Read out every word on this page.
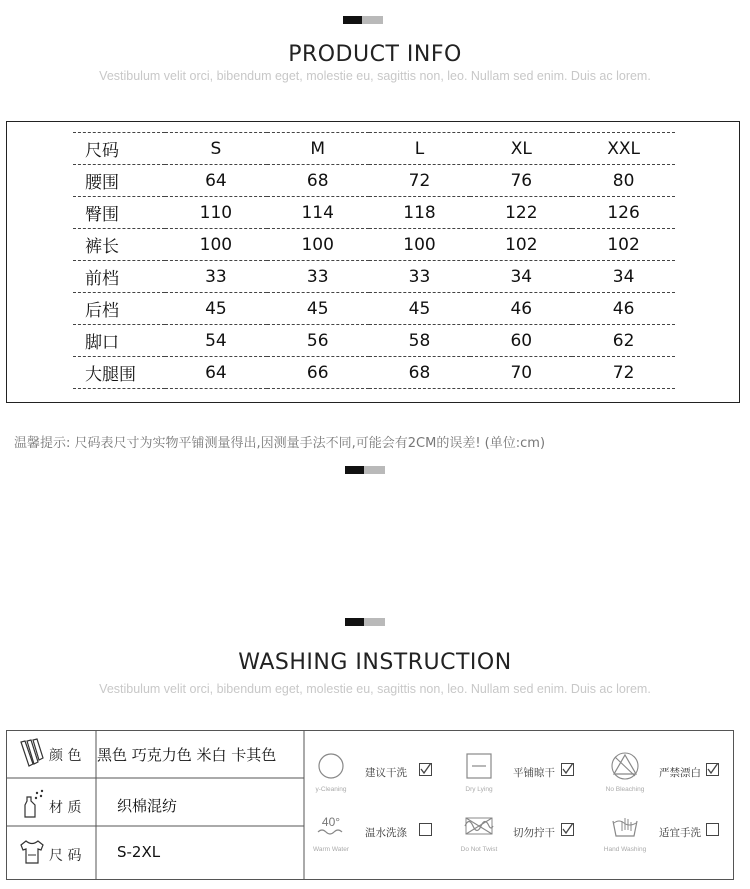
PRODUCT INFO
Vestibulum velit orci, bibendum eget, molestie eu, sagittis non, leo. Nullam sed enim. Duis ac lorem.
尺码	S	M	L	XL	XXL
腰围	64	68	72	76	80
臀围	110	114	118	122	126
裤长	100	100	100	102	102
前档	33	33	33	34	34
后档	45	45	45	46	46
脚口	54	56	58	60	62
大腿围	64	66	68	70	72
温馨提示: 尺码表尺寸为实物平铺测量得出,因测量手法不同,可能会有2CM的误差! (单位:cm)
WASHING INSTRUCTION
Vestibulum velit orci, bibendum eget, molestie eu, sagittis non, leo. Nullam sed enim. Duis ac lorem.
颜 色 黑色 巧克力色 米白 卡其色
材 质 织棉混纺
尺 码 S-2XL
y-Cleaning
建议干洗
Dry Lying
平铺晾干
No Bleaching
严禁漂白
40°
Warm Water
温水洗涤
Do Not Twist
切勿拧干
Hand Washing
适宜手洗
